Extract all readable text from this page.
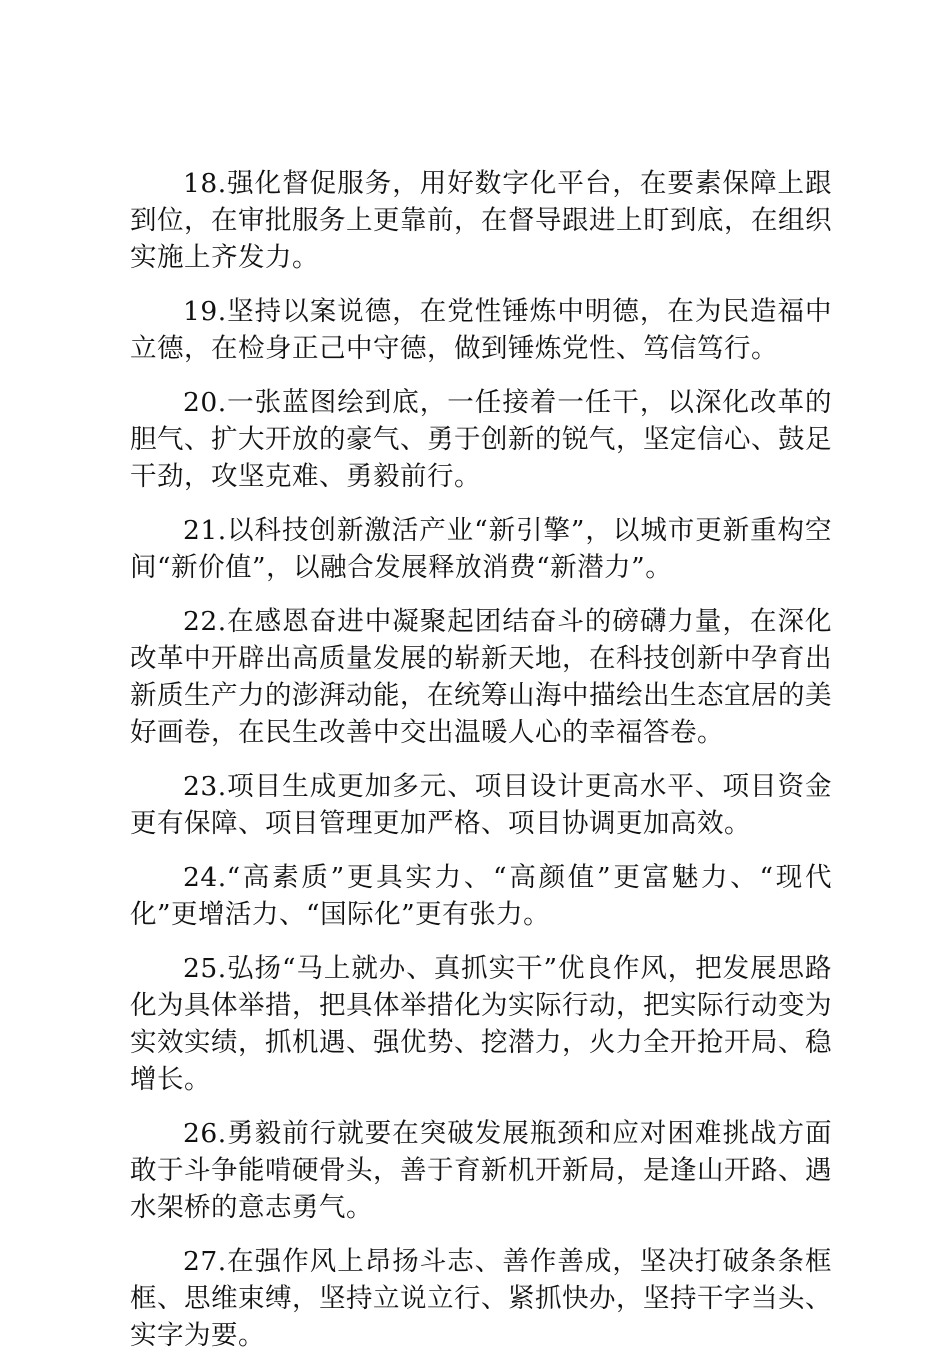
18.强化督促服务，用好数字化平台，在要素保障上跟到位，在审批服务上更靠前，在督导跟进上盯到底，在组织实施上齐发力。

19.坚持以案说德，在党性锤炼中明德，在为民造福中立德，在检身正己中守德，做到锤炼党性、笃信笃行。

20.一张蓝图绘到底，一任接着一任干，以深化改革的胆气、扩大开放的豪气、勇于创新的锐气，坚定信心、鼓足干劲，攻坚克难、勇毅前行。

21.以科技创新激活产业“新引擎”，以城市更新重构空间“新价值”，以融合发展释放消费“新潜力”。

22.在感恩奋进中凝聚起团结奋斗的磅礴力量，在深化改革中开辟出高质量发展的崭新天地，在科技创新中孕育出新质生产力的澎湃动能，在统筹山海中描绘出生态宜居的美好画卷，在民生改善中交出温暖人心的幸福答卷。

23.项目生成更加多元、项目设计更高水平、项目资金更有保障、项目管理更加严格、项目协调更加高效。

24.“高素质”更具实力、“高颜值”更富魅力、“现代化”更增活力、“国际化”更有张力。

25.弘扬“马上就办、真抓实干”优良作风，把发展思路化为具体举措，把具体举措化为实际行动，把实际行动变为实效实绩，抓机遇、强优势、挖潜力，火力全开抢开局、稳增长。

26.勇毅前行就要在突破发展瓶颈和应对困难挑战方面敢于斗争能啃硬骨头，善于育新机开新局，是逢山开路、遇水架桥的意志勇气。

27.在强作风上昂扬斗志、善作善成，坚决打破条条框框、思维束缚，坚持立说立行、紧抓快办，坚持干字当头、实字为要。
